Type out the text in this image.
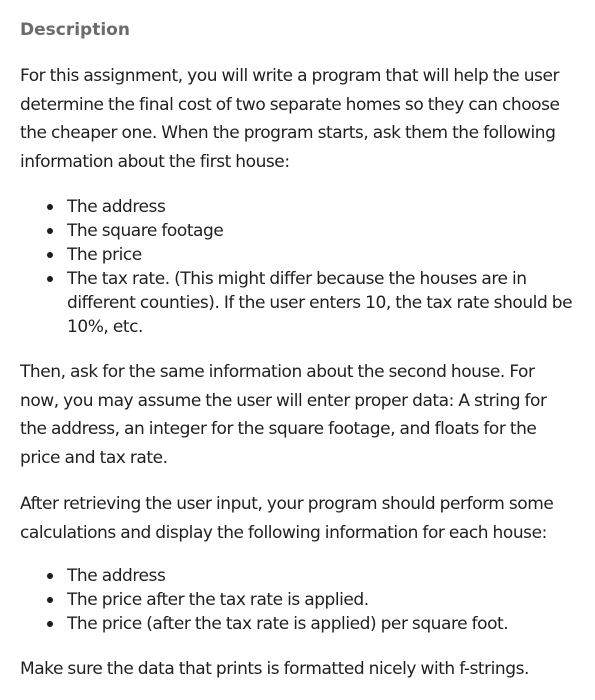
Description

For this assignment, you will write a program that will help the user determine the final cost of two separate homes so they can choose the cheaper one. When the program starts, ask them the following information about the first house:

The address
The square footage
The price
The tax rate. (This might differ because the houses are in different counties). If the user enters 10, the tax rate should be 10%, etc.

Then, ask for the same information about the second house. For now, you may assume the user will enter proper data: A string for the address, an integer for the square footage, and floats for the price and tax rate.

After retrieving the user input, your program should perform some calculations and display the following information for each house:

The address
The price after the tax rate is applied.
The price (after the tax rate is applied) per square foot.

Make sure the data that prints is formatted nicely with f-strings.
